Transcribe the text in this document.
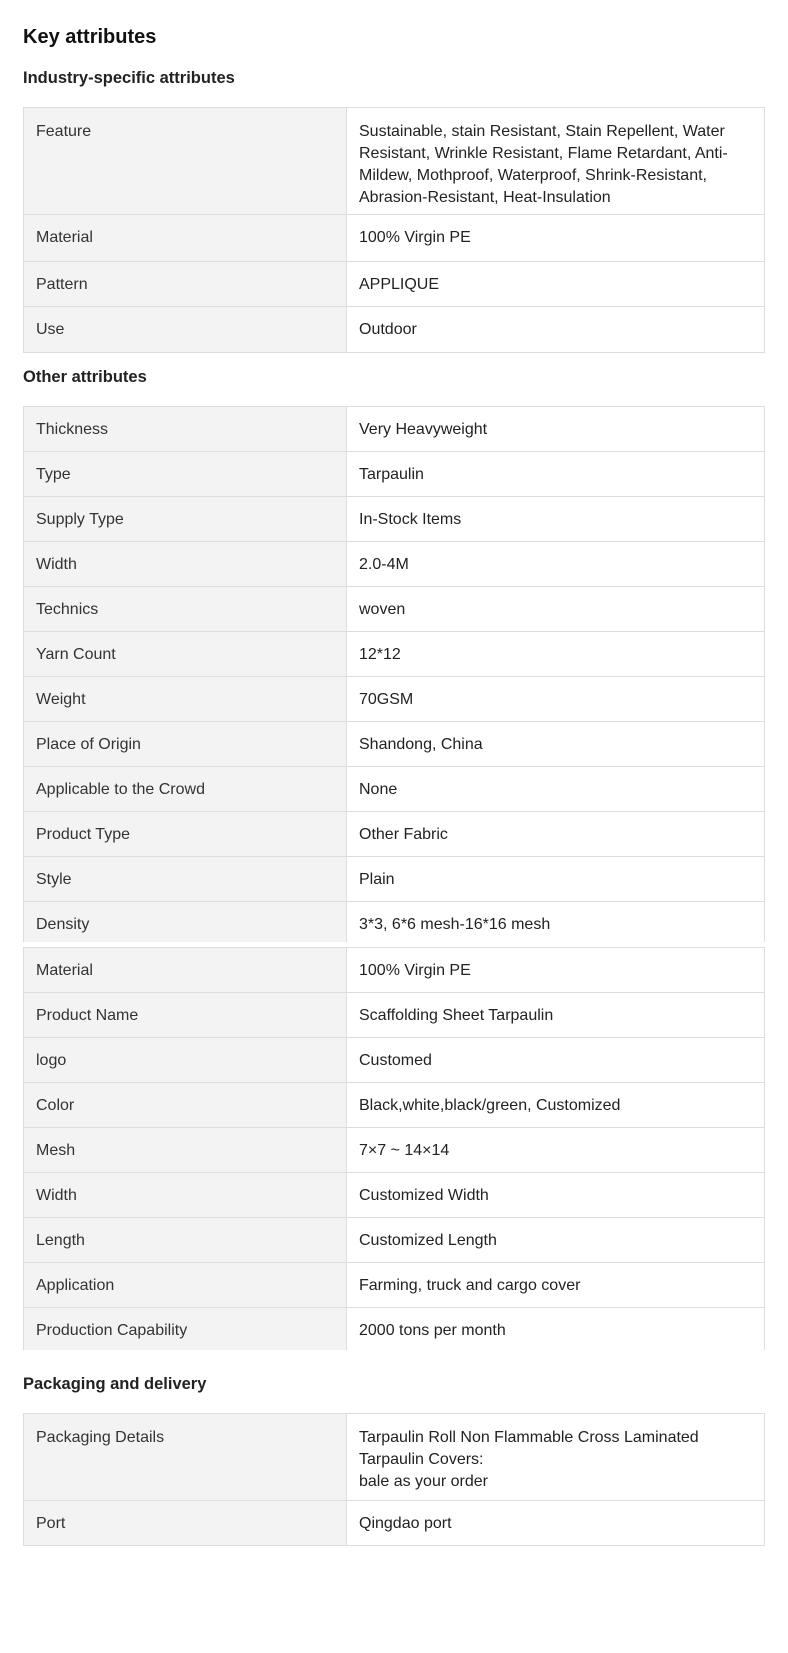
Key attributes
Industry-specific attributes
Feature	Sustainable, stain Resistant, Stain Repellent, Water Resistant, Wrinkle Resistant, Flame Retardant, Anti-Mildew, Mothproof, Waterproof, Shrink-Resistant, Abrasion-Resistant, Heat-Insulation
Material	100% Virgin PE
Pattern	APPLIQUE
Use	Outdoor
Other attributes
Thickness	Very Heavyweight
Type	Tarpaulin
Supply Type	In-Stock Items
Width	2.0-4M
Technics	woven
Yarn Count	12*12
Weight	70GSM
Place of Origin	Shandong, China
Applicable to the Crowd	None
Product Type	Other Fabric
Style	Plain
Density	3*3, 6*6 mesh-16*16 mesh
Material	100% Virgin PE
Product Name	Scaffolding Sheet Tarpaulin
logo	Customed
Color	Black,white,black/green, Customized
Mesh	7×7 ~ 14×14
Width	Customized Width
Length	Customized Length
Application	Farming, truck and cargo cover
Production Capability	2000 tons per month
Packaging and delivery
Packaging Details	Tarpaulin Roll Non Flammable Cross Laminated Tarpaulin Covers:
bale as your order
Port	Qingdao port
